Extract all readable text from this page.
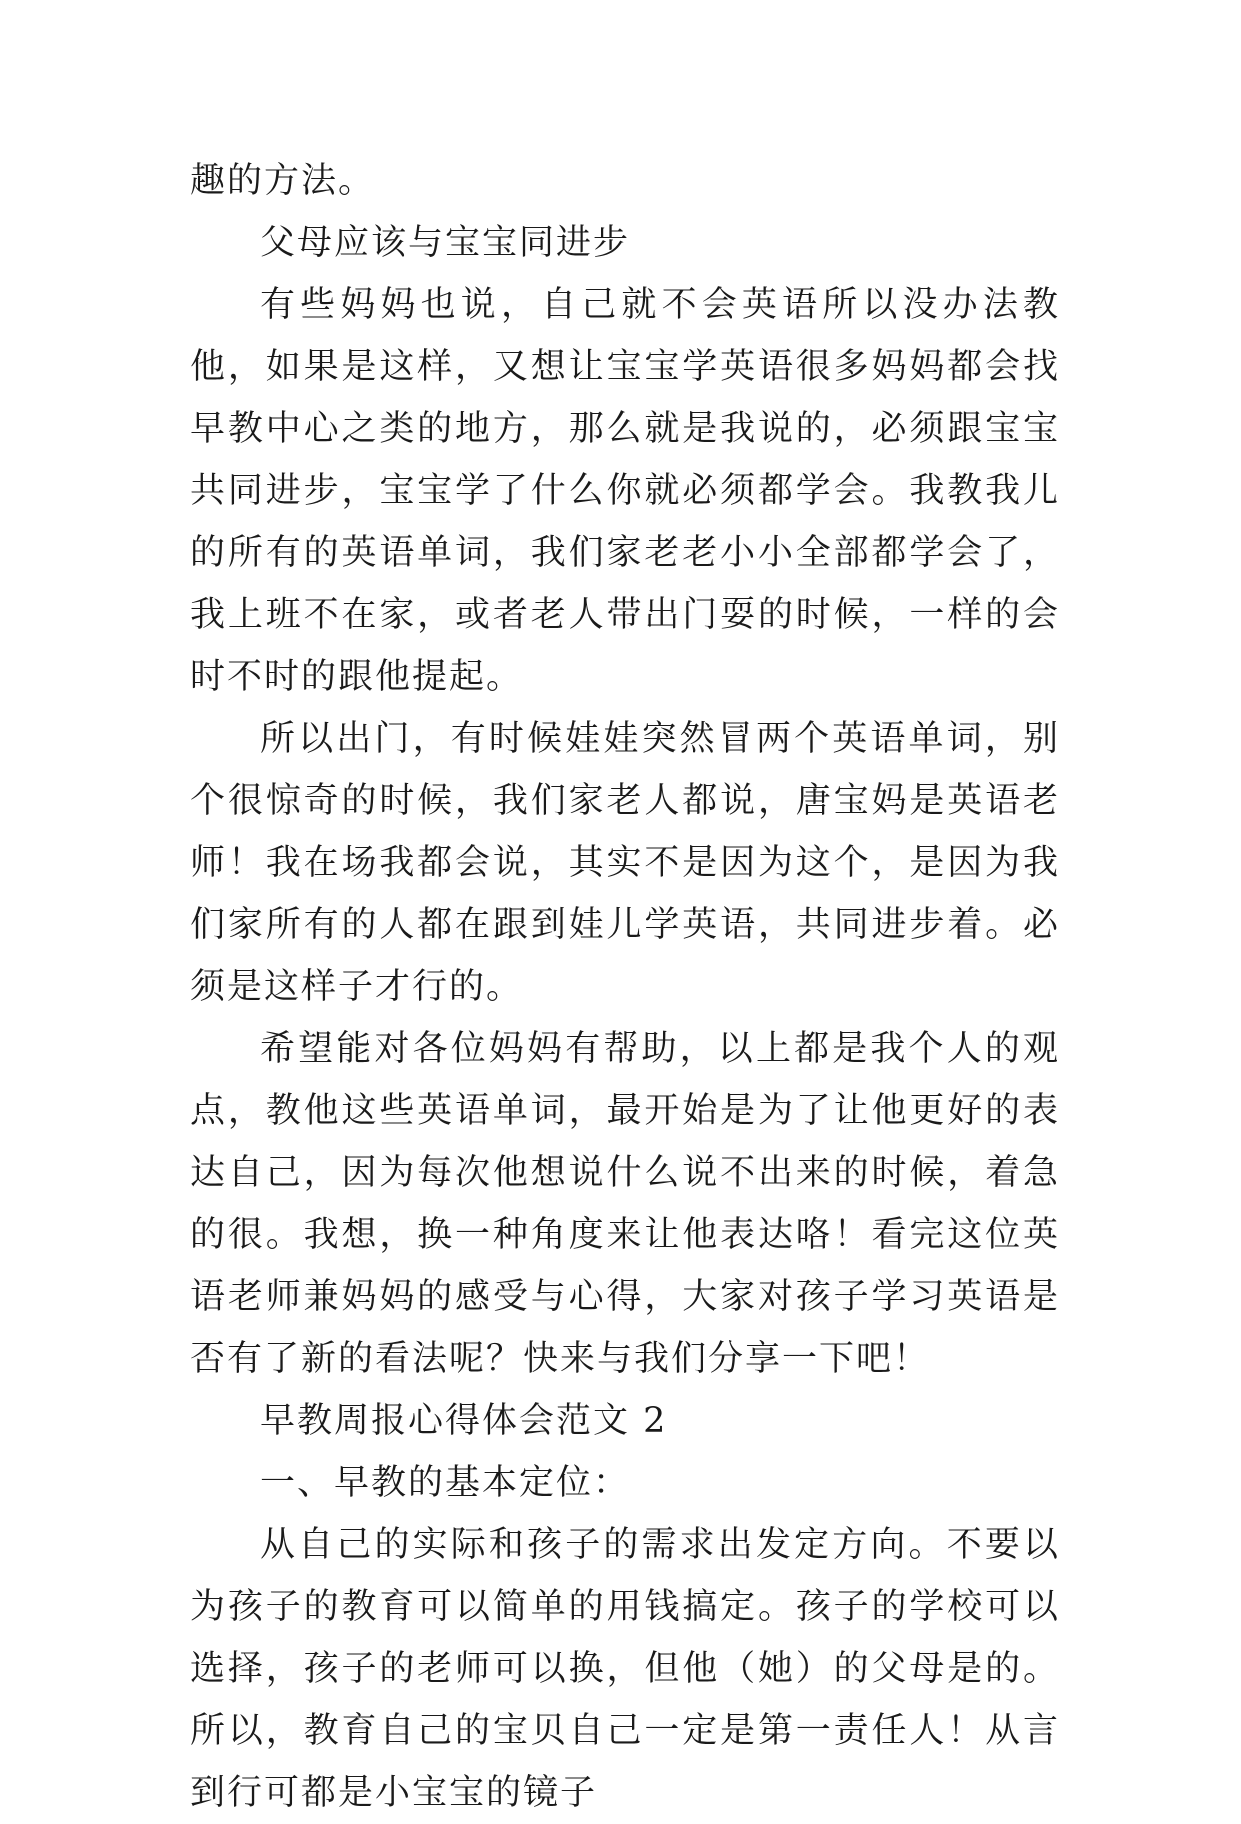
趣的方法。

父母应该与宝宝同进步

有些妈妈也说，自己就不会英语所以没办法教他，如果是这样，又想让宝宝学英语很多妈妈都会找早教中心之类的地方，那么就是我说的，必须跟宝宝共同进步，宝宝学了什么你就必须都学会。我教我儿的所有的英语单词，我们家老老小小全部都学会了，我上班不在家，或者老人带出门耍的时候，一样的会时不时的跟他提起。

所以出门，有时候娃娃突然冒两个英语单词，别个很惊奇的时候，我们家老人都说，唐宝妈是英语老师！我在场我都会说，其实不是因为这个，是因为我们家所有的人都在跟到娃儿学英语，共同进步着。必须是这样子才行的。

希望能对各位妈妈有帮助，以上都是我个人的观点，教他这些英语单词，最开始是为了让他更好的表达自己，因为每次他想说什么说不出来的时候，着急的很。我想，换一种角度来让他表达咯！看完这位英语老师兼妈妈的感受与心得，大家对孩子学习英语是否有了新的看法呢？快来与我们分享一下吧！

早教周报心得体会范文 2

一、早教的基本定位：

从自己的实际和孩子的需求出发定方向。不要以为孩子的教育可以简单的用钱搞定。孩子的学校可以选择，孩子的老师可以换，但他（她）的父母是的。所以，教育自己的宝贝自己一定是第一责任人！从言到行可都是小宝宝的镜子
